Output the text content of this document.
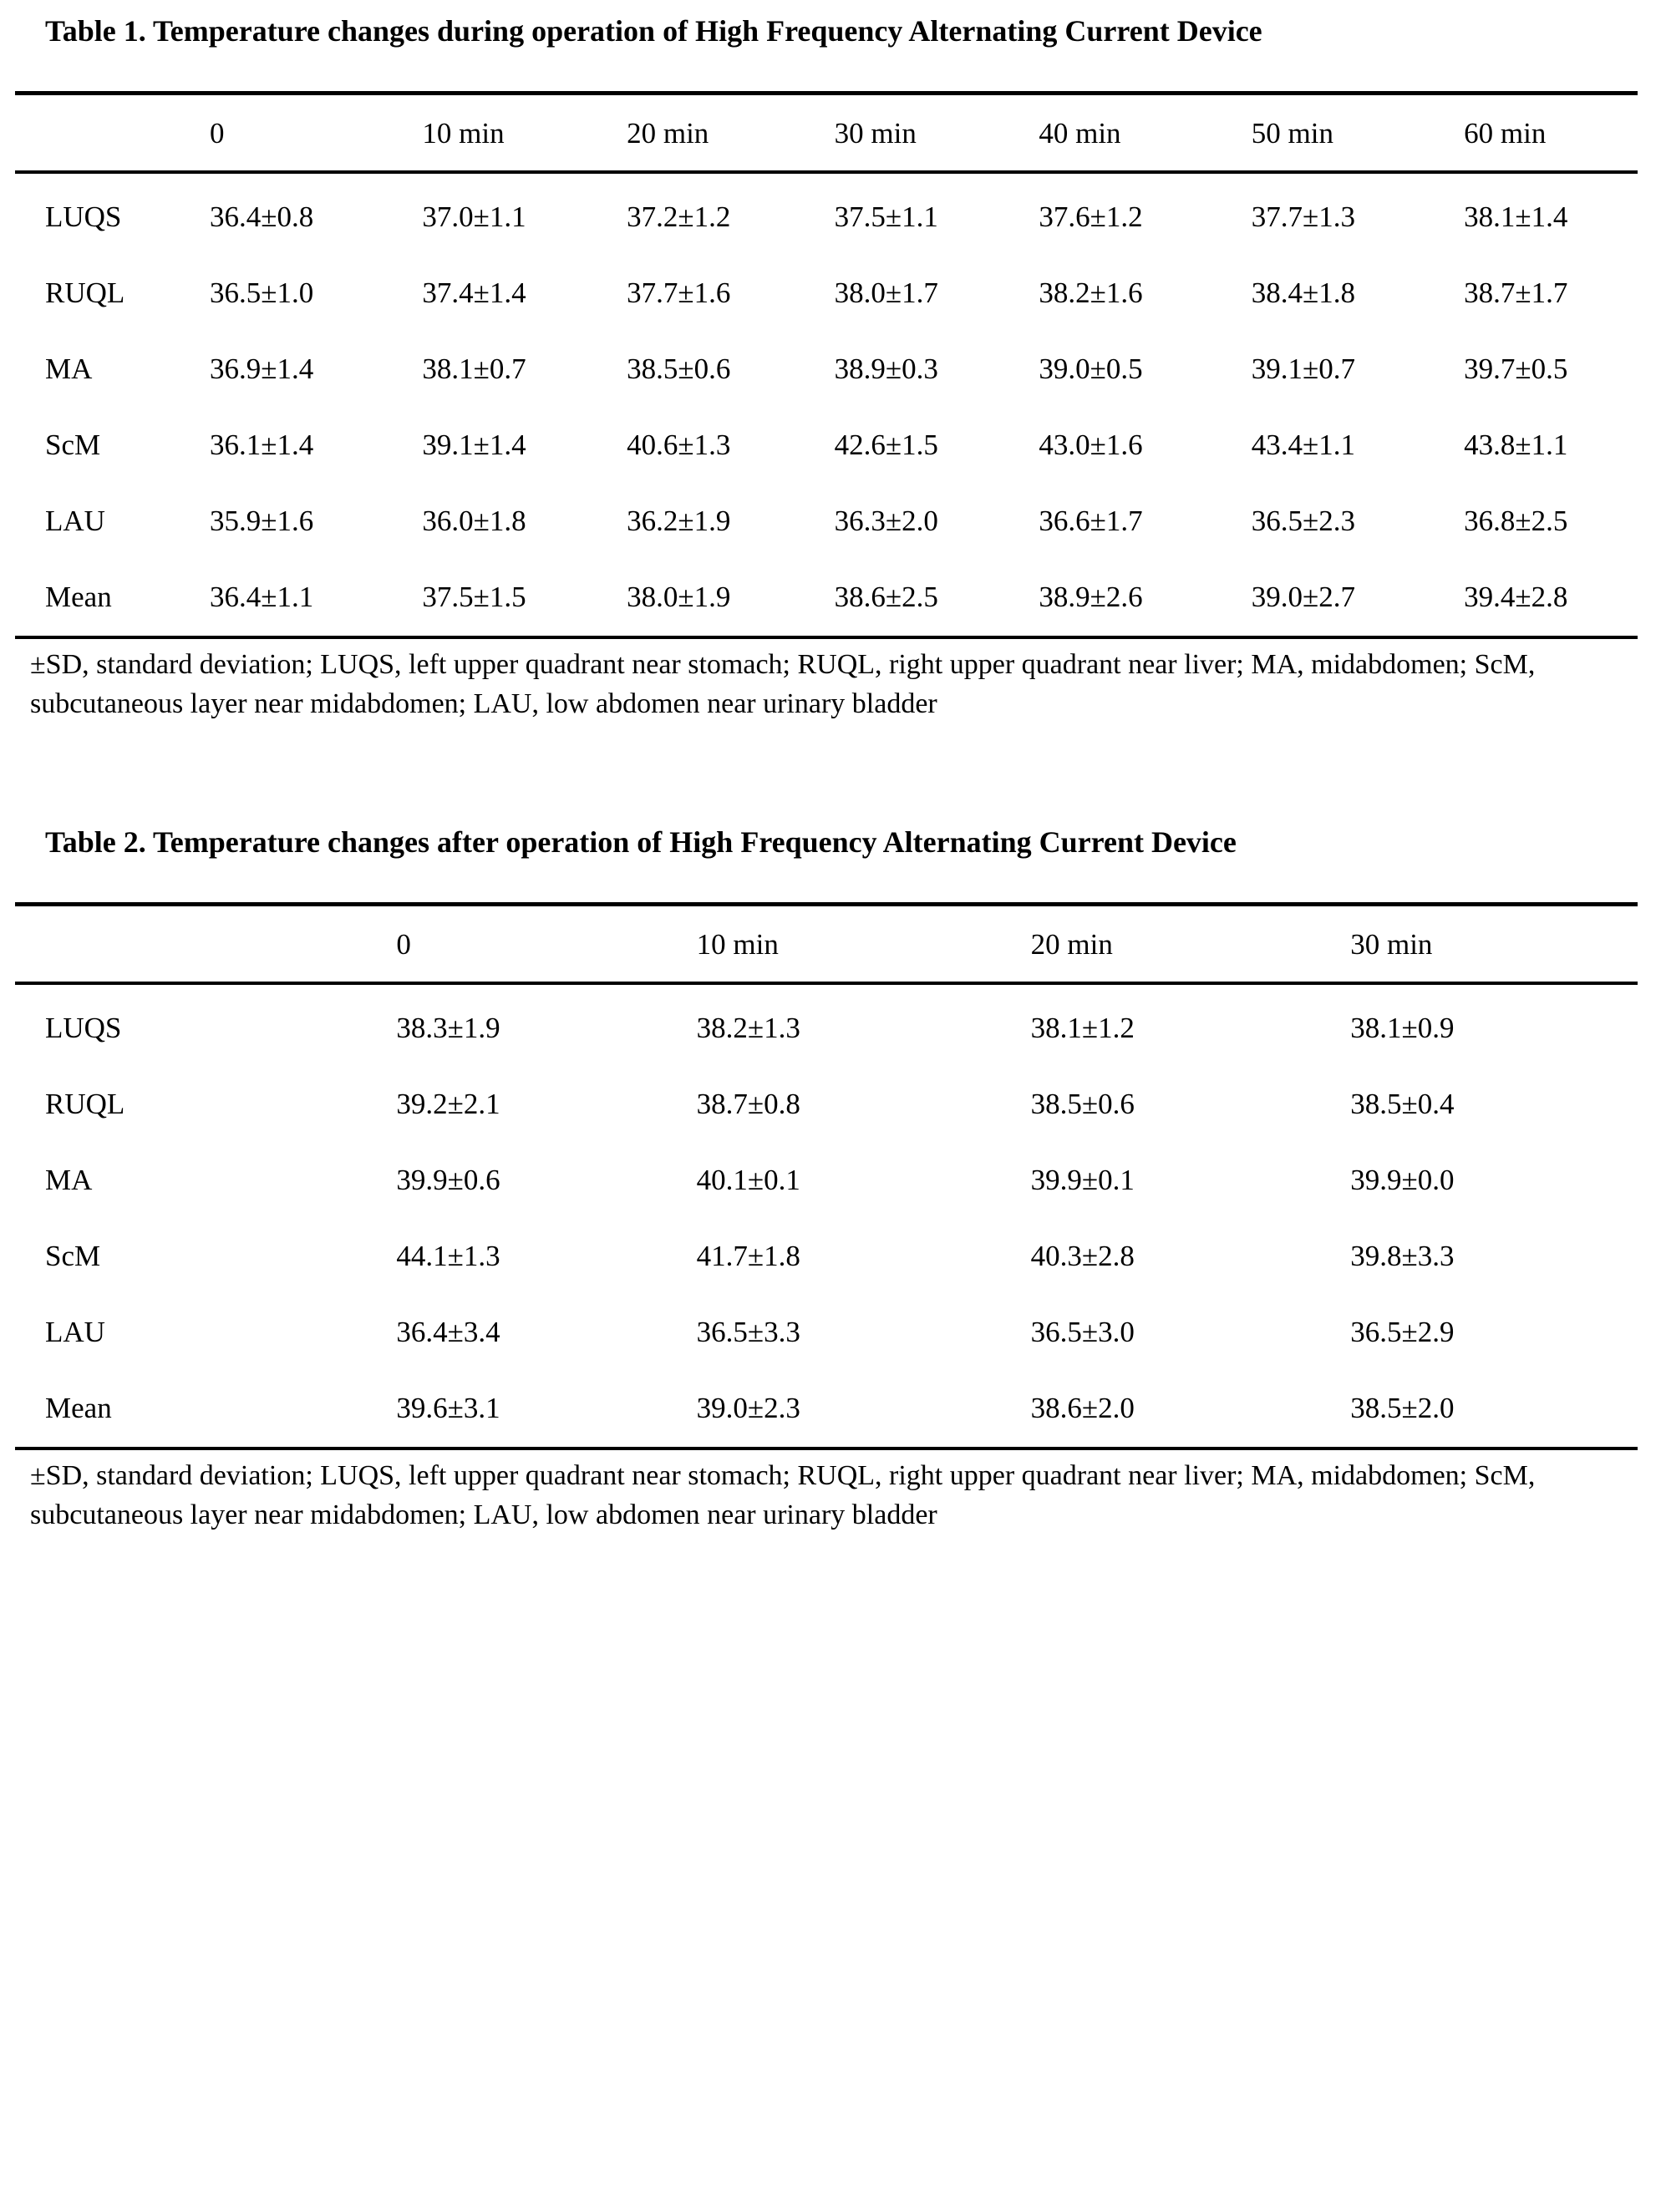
Table 1. Temperature changes during operation of High Frequency Alternating Current Device
	0	10 min	20 min	30 min	40 min	50 min	60 min
LUQS	36.4±0.8	37.0±1.1	37.2±1.2	37.5±1.1	37.6±1.2	37.7±1.3	38.1±1.4
RUQL	36.5±1.0	37.4±1.4	37.7±1.6	38.0±1.7	38.2±1.6	38.4±1.8	38.7±1.7
MA	36.9±1.4	38.1±0.7	38.5±0.6	38.9±0.3	39.0±0.5	39.1±0.7	39.7±0.5
ScM	36.1±1.4	39.1±1.4	40.6±1.3	42.6±1.5	43.0±1.6	43.4±1.1	43.8±1.1
LAU	35.9±1.6	36.0±1.8	36.2±1.9	36.3±2.0	36.6±1.7	36.5±2.3	36.8±2.5
Mean	36.4±1.1	37.5±1.5	38.0±1.9	38.6±2.5	38.9±2.6	39.0±2.7	39.4±2.8

±SD, standard deviation; LUQS, left upper quadrant near stomach; RUQL, right upper quadrant near liver; MA, midabdomen; ScM, subcutaneous layer near midabdomen; LAU, low abdomen near urinary bladder

Table 2. Temperature changes after operation of High Frequency Alternating Current Device
	0	10 min	20 min	30 min
LUQS	38.3±1.9	38.2±1.3	38.1±1.2	38.1±0.9
RUQL	39.2±2.1	38.7±0.8	38.5±0.6	38.5±0.4
MA	39.9±0.6	40.1±0.1	39.9±0.1	39.9±0.0
ScM	44.1±1.3	41.7±1.8	40.3±2.8	39.8±3.3
LAU	36.4±3.4	36.5±3.3	36.5±3.0	36.5±2.9
Mean	39.6±3.1	39.0±2.3	38.6±2.0	38.5±2.0

±SD, standard deviation; LUQS, left upper quadrant near stomach; RUQL, right upper quadrant near liver; MA, midabdomen; ScM, subcutaneous layer near midabdomen; LAU, low abdomen near urinary bladder
